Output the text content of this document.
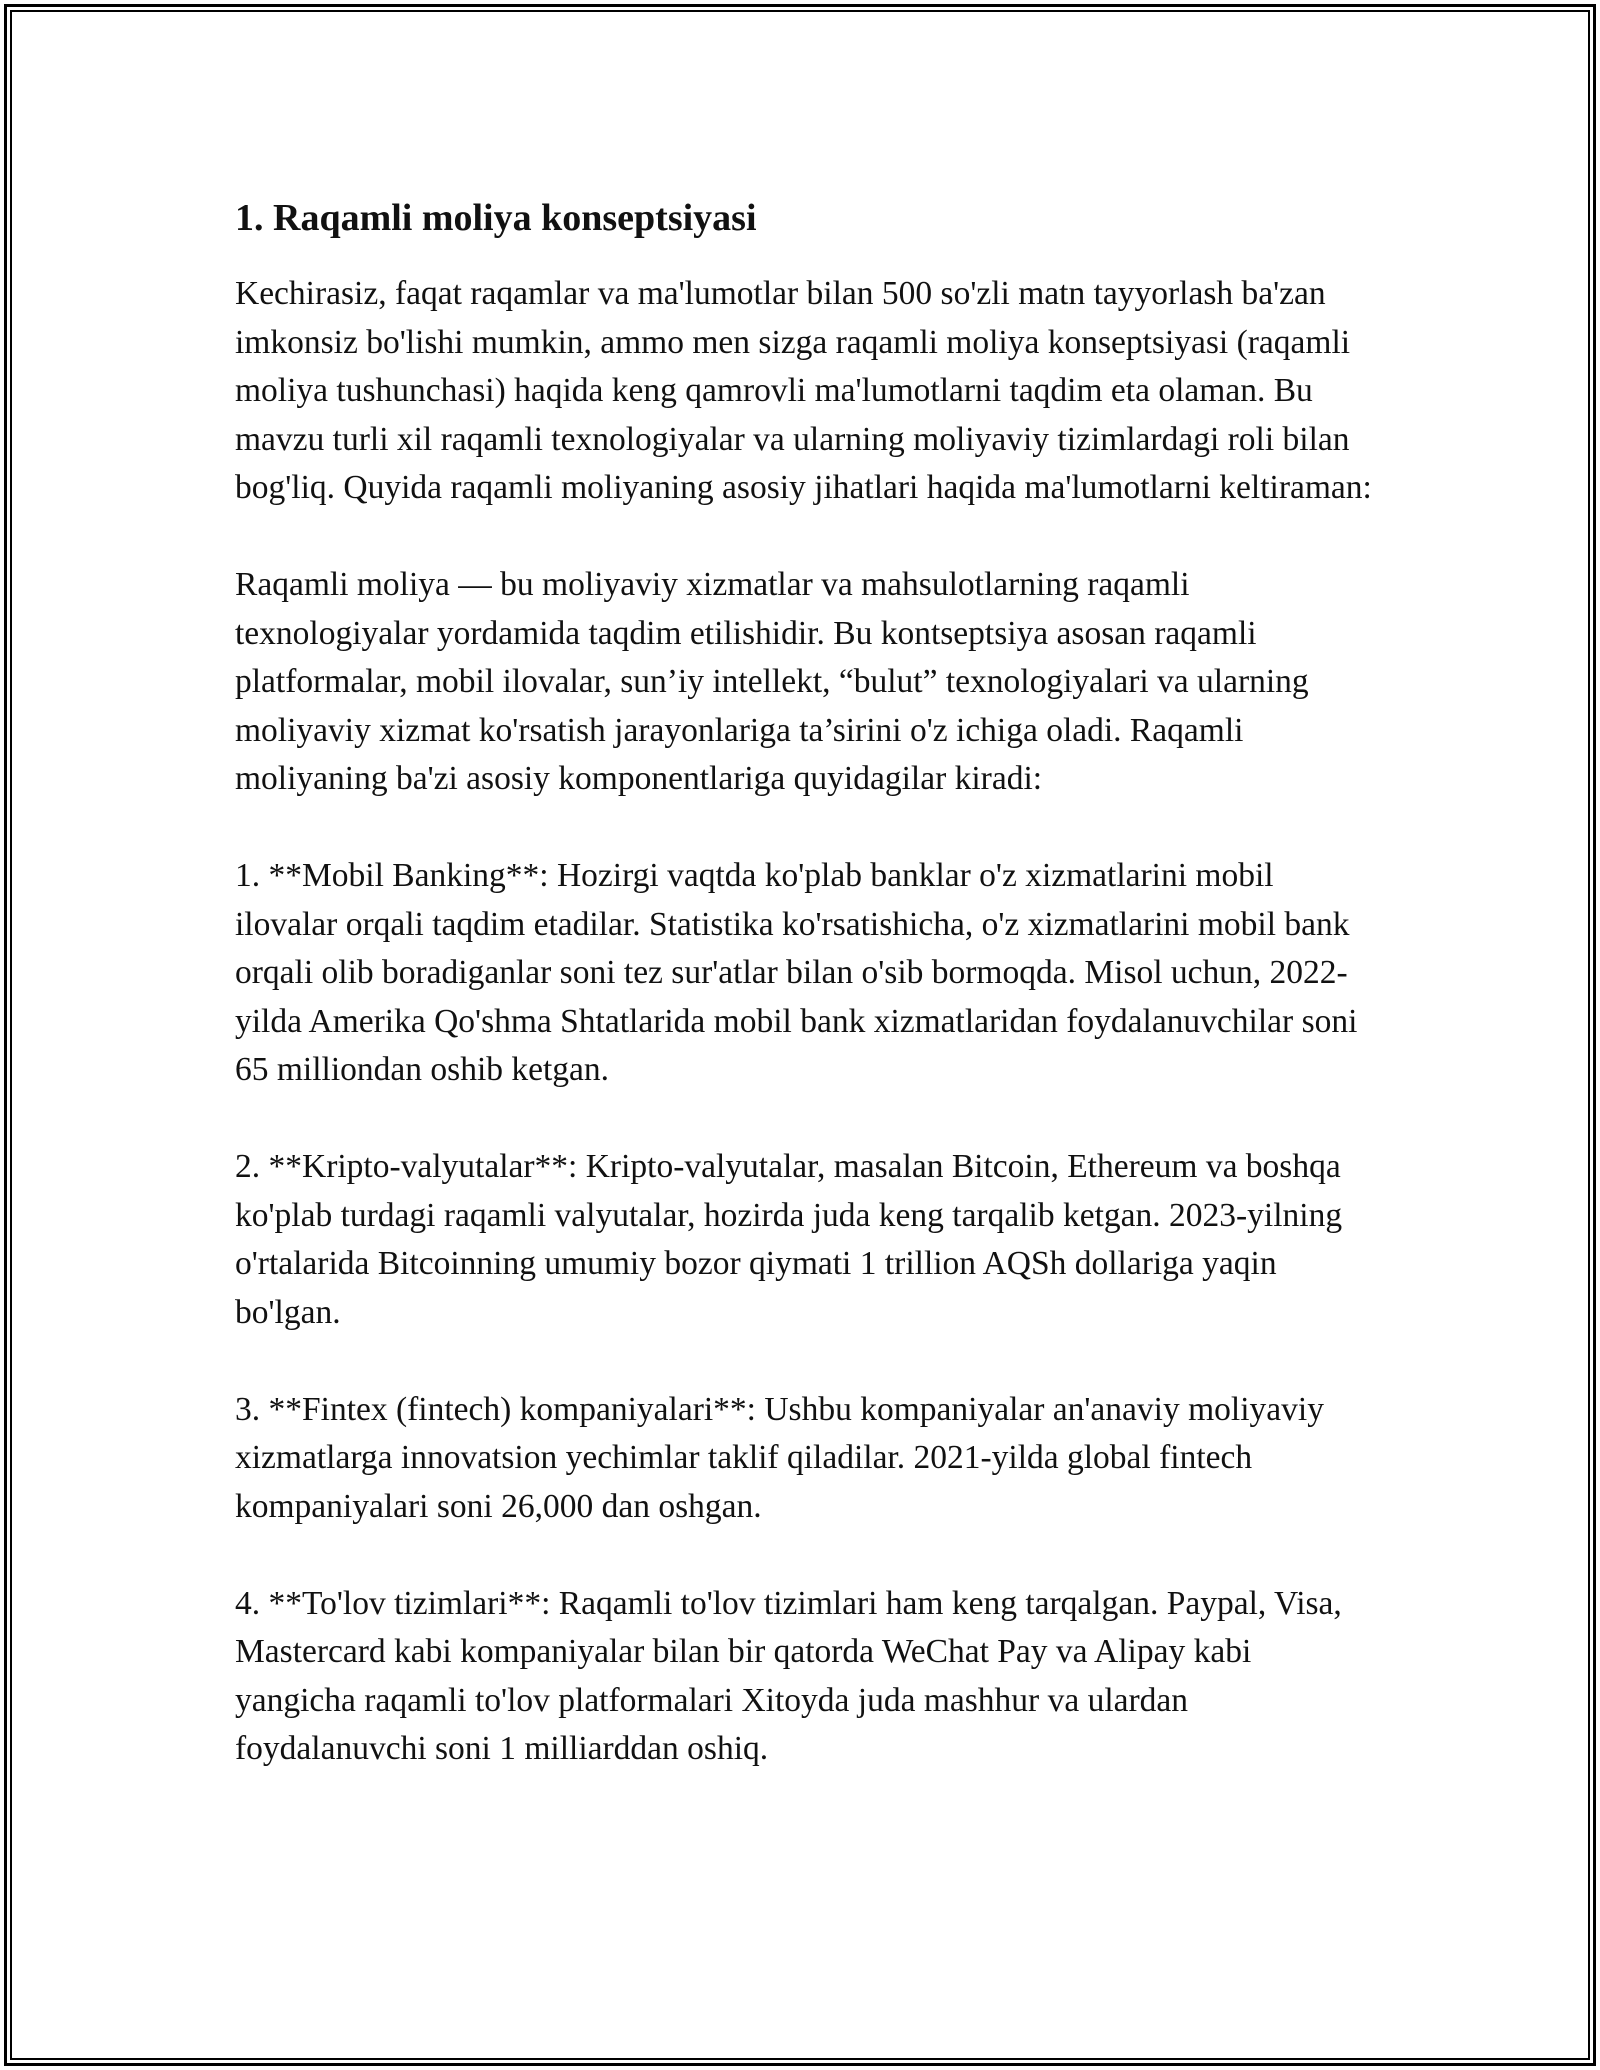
1. Raqamli moliya konseptsiyasi

Kechirasiz, faqat raqamlar va ma'lumotlar bilan 500 so'zli matn tayyorlash ba'zan imkonsiz bo'lishi mumkin, ammo men sizga raqamli moliya konseptsiyasi (raqamli moliya tushunchasi) haqida keng qamrovli ma'lumotlarni taqdim eta olaman. Bu mavzu turli xil raqamli texnologiyalar va ularning moliyaviy tizimlardagi roli bilan bog'liq. Quyida raqamli moliyaning asosiy jihatlari haqida ma'lumotlarni keltiraman:

Raqamli moliya — bu moliyaviy xizmatlar va mahsulotlarning raqamli texnologiyalar yordamida taqdim etilishidir. Bu kontseptsiya asosan raqamli platformalar, mobil ilovalar, sun’iy intellekt, “bulut” texnologiyalari va ularning moliyaviy xizmat ko'rsatish jarayonlariga ta’sirini o'z ichiga oladi. Raqamli moliyaning ba'zi asosiy komponentlariga quyidagilar kiradi:

1. **Mobil Banking**: Hozirgi vaqtda ko'plab banklar o'z xizmatlarini mobil ilovalar orqali taqdim etadilar. Statistika ko'rsatishicha, o'z xizmatlarini mobil bank orqali olib boradiganlar soni tez sur'atlar bilan o'sib bormoqda. Misol uchun, 2022-yilda Amerika Qo'shma Shtatlarida mobil bank xizmatlaridan foydalanuvchilar soni 65 milliondan oshib ketgan.

2. **Kripto-valyutalar**: Kripto-valyutalar, masalan Bitcoin, Ethereum va boshqa ko'plab turdagi raqamli valyutalar, hozirda juda keng tarqalib ketgan. 2023-yilning o'rtalarida Bitcoinning umumiy bozor qiymati 1 trillion AQSh dollariga yaqin bo'lgan.

3. **Fintex (fintech) kompaniyalari**: Ushbu kompaniyalar an'anaviy moliyaviy xizmatlarga innovatsion yechimlar taklif qiladilar. 2021-yilda global fintech kompaniyalari soni 26,000 dan oshgan.

4. **To'lov tizimlari**: Raqamli to'lov tizimlari ham keng tarqalgan. Paypal, Visa, Mastercard kabi kompaniyalar bilan bir qatorda WeChat Pay va Alipay kabi yangicha raqamli to'lov platformalari Xitoyda juda mashhur va ulardan foydalanuvchi soni 1 milliarddan oshiq.
